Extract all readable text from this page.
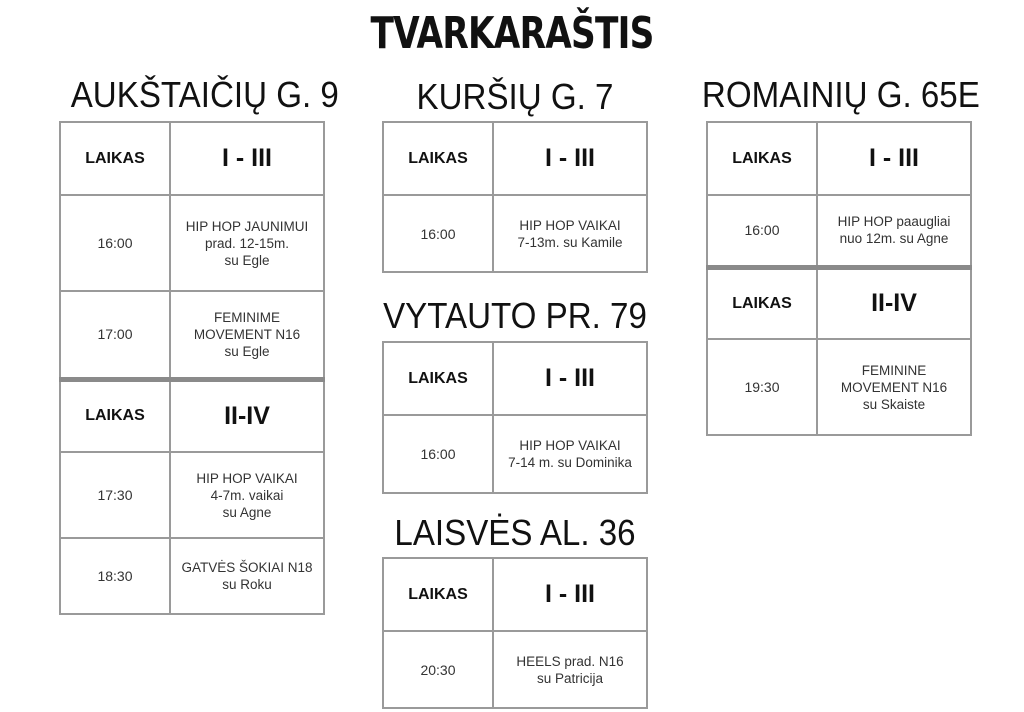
TVARKARAŠTIS
AUKŠTAIČIŲ G. 9
LAIKAS	I - III
16:00	HIP HOP JAUNIMUI
prad. 12-15m.
su Egle
17:00	FEMINIME
MOVEMENT N16
su Egle
LAIKAS	II-IV
17:30	HIP HOP VAIKAI
4-7m. vaikai
su Agne
18:30	GATVĖS ŠOKIAI N18
su Roku
KURŠIŲ G. 7
LAIKAS	I - III
16:00	HIP HOP VAIKAI
7-13m. su Kamile
VYTAUTO PR. 79
LAIKAS	I - III
16:00	HIP HOP VAIKAI
7-14 m. su Dominika
LAISVĖS AL. 36
LAIKAS	I - III
20:30	HEELS prad. N16
su Patricija
ROMAINIŲ G. 65E
LAIKAS	I - III
16:00	HIP HOP paaugliai
nuo 12m. su Agne
LAIKAS	II-IV
19:30	FEMININE
MOVEMENT N16
su Skaiste
